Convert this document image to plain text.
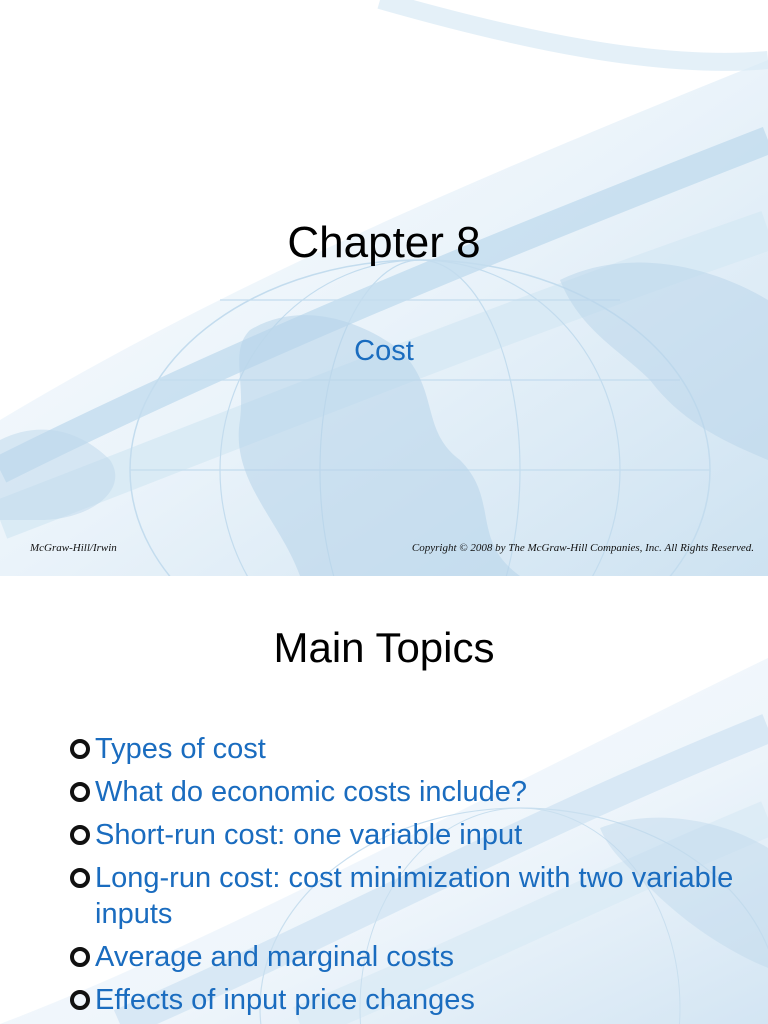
Chapter 8
Cost
McGraw-Hill/Irwin	Copyright © 2008 by The McGraw-Hill Companies, Inc. All Rights Reserved.
Main Topics
Types of cost
What do economic costs include?
Short-run cost: one variable input
Long-run cost: cost minimization with two variable inputs
Average and marginal costs
Effects of input price changes
